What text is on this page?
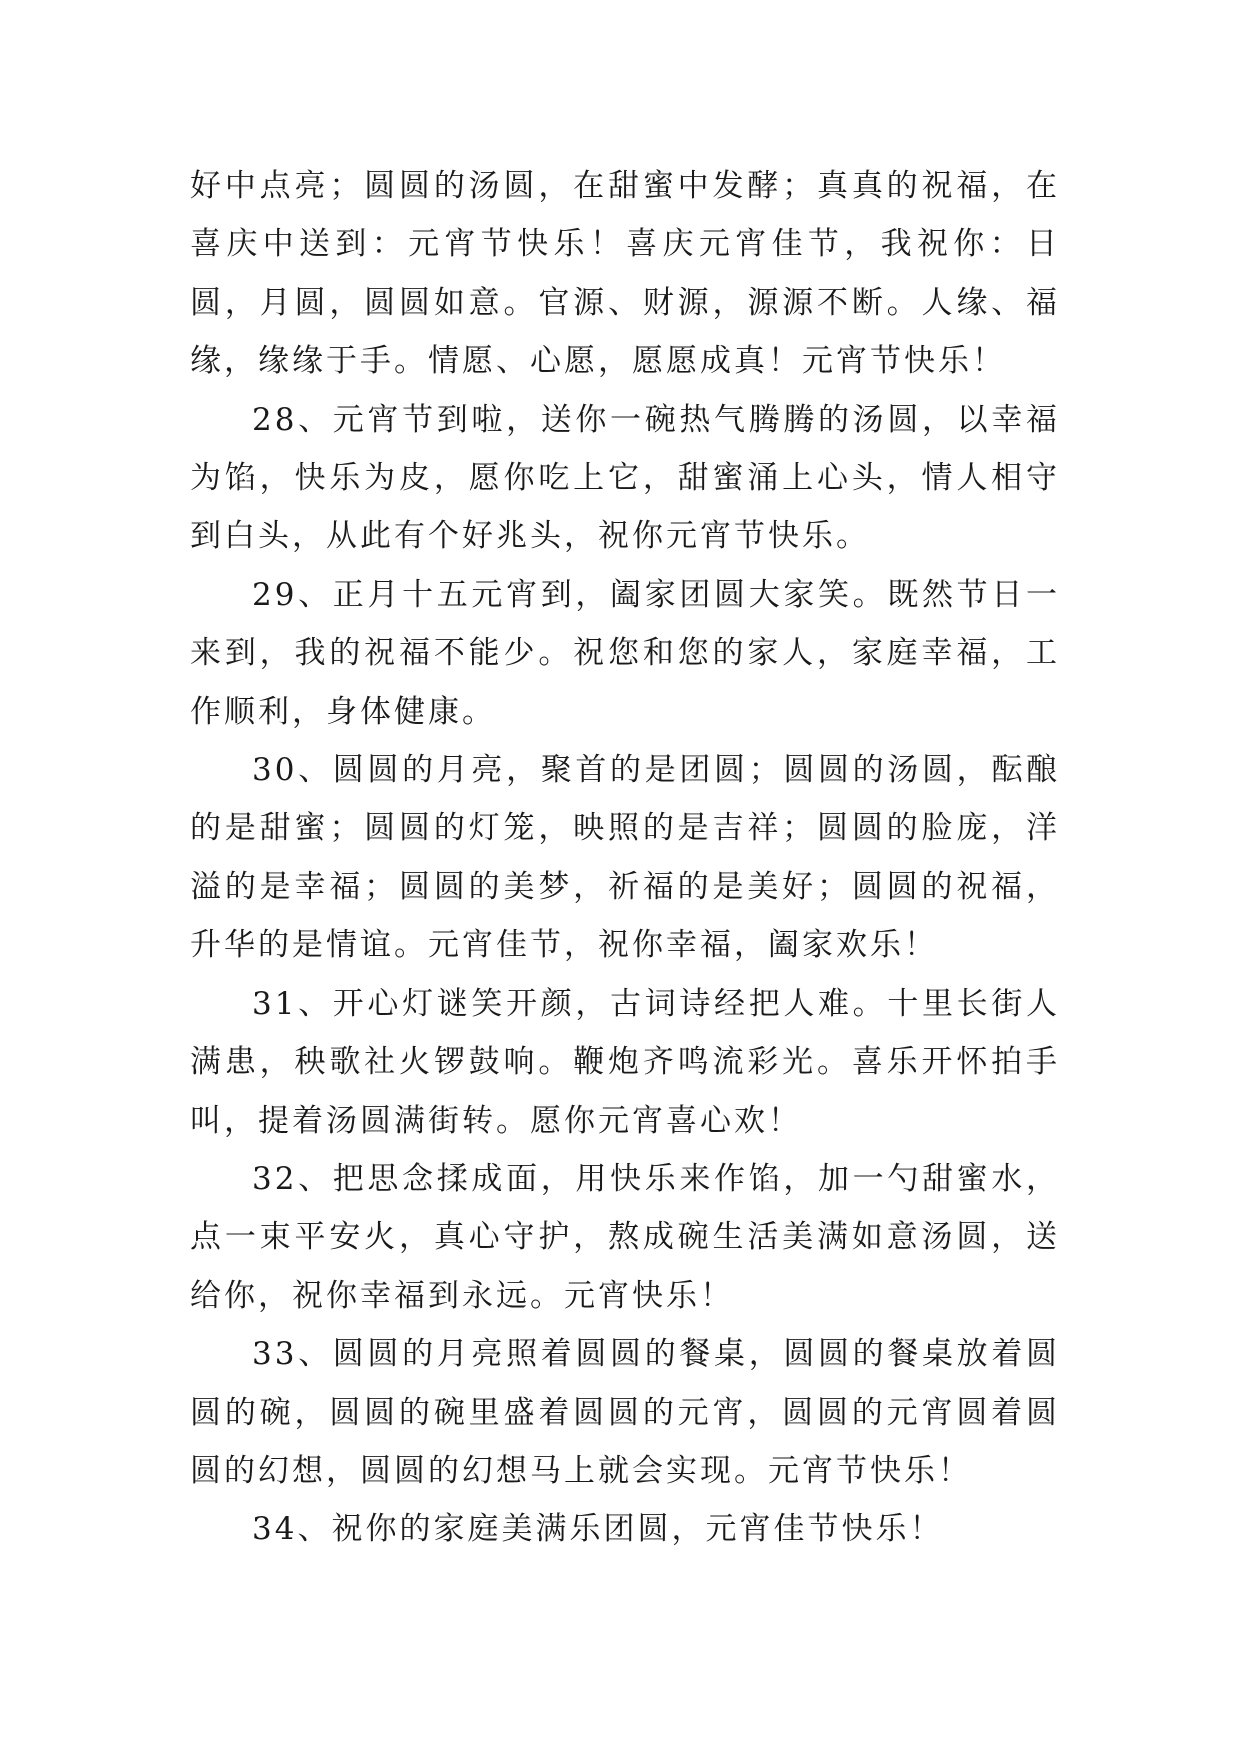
好中点亮；圆圆的汤圆，在甜蜜中发酵；真真的祝福，在喜庆中送到：元宵节快乐！喜庆元宵佳节，我祝你：日圆，月圆，圆圆如意。官源、财源，源源不断。人缘、福缘，缘缘于手。情愿、心愿，愿愿成真！元宵节快乐！

28、元宵节到啦，送你一碗热气腾腾的汤圆，以幸福为馅，快乐为皮，愿你吃上它，甜蜜涌上心头，情人相守到白头，从此有个好兆头，祝你元宵节快乐。

29、正月十五元宵到，阖家团圆大家笑。既然节日一来到，我的祝福不能少。祝您和您的家人，家庭幸福，工作顺利，身体健康。

30、圆圆的月亮，聚首的是团圆；圆圆的汤圆，酝酿的是甜蜜；圆圆的灯笼，映照的是吉祥；圆圆的脸庞，洋溢的是幸福；圆圆的美梦，祈福的是美好；圆圆的祝福，升华的是情谊。元宵佳节，祝你幸福，阖家欢乐！

31、开心灯谜笑开颜，古词诗经把人难。十里长街人满患，秧歌社火锣鼓响。鞭炮齐鸣流彩光。喜乐开怀拍手叫，提着汤圆满街转。愿你元宵喜心欢！

32、把思念揉成面，用快乐来作馅，加一勺甜蜜水，点一束平安火，真心守护，熬成碗生活美满如意汤圆，送给你，祝你幸福到永远。元宵快乐！

33、圆圆的月亮照着圆圆的餐桌，圆圆的餐桌放着圆圆的碗，圆圆的碗里盛着圆圆的元宵，圆圆的元宵圆着圆圆的幻想，圆圆的幻想马上就会实现。元宵节快乐！

34、祝你的家庭美满乐团圆，元宵佳节快乐！
